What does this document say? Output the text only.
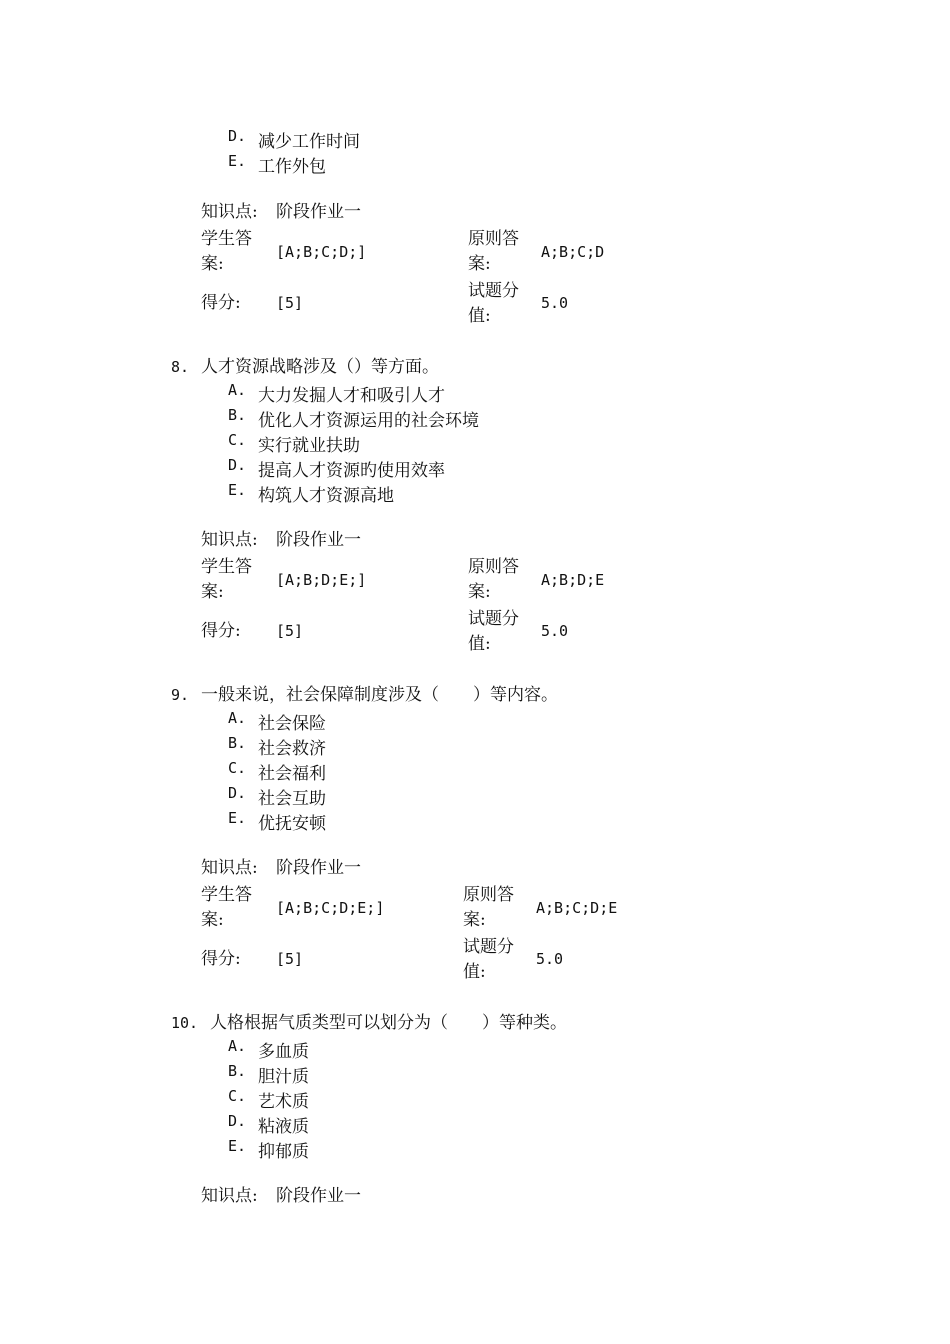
D. 减少工作时间
E. 工作外包
知识点: 阶段作业一
学生答
案:
[A;B;C;D;]
原则答
案:
A;B;C;D
得分: [5]
试题分
值:
5.0
8. 人才资源战略涉及（）等方面。
A. 大力发掘人才和吸引人才
B. 优化人才资源运用的社会环境
C. 实行就业扶助
D. 提高人才资源旳使用效率
E. 构筑人才资源高地
知识点: 阶段作业一
学生答
案:
[A;B;D;E;]
原则答
案:
A;B;D;E
得分: [5]
试题分
值:
5.0
9. 一般来说，社会保障制度涉及（　　）等内容。
A. 社会保险
B. 社会救济
C. 社会福利
D. 社会互助
E. 优抚安顿
知识点: 阶段作业一
学生答
案:
[A;B;C;D;E;]
原则答
案:
A;B;C;D;E
得分: [5]
试题分
值:
5.0
10. 人格根据气质类型可以划分为（　　）等种类。
A. 多血质
B. 胆汁质
C. 艺术质
D. 粘液质
E. 抑郁质
知识点: 阶段作业一
